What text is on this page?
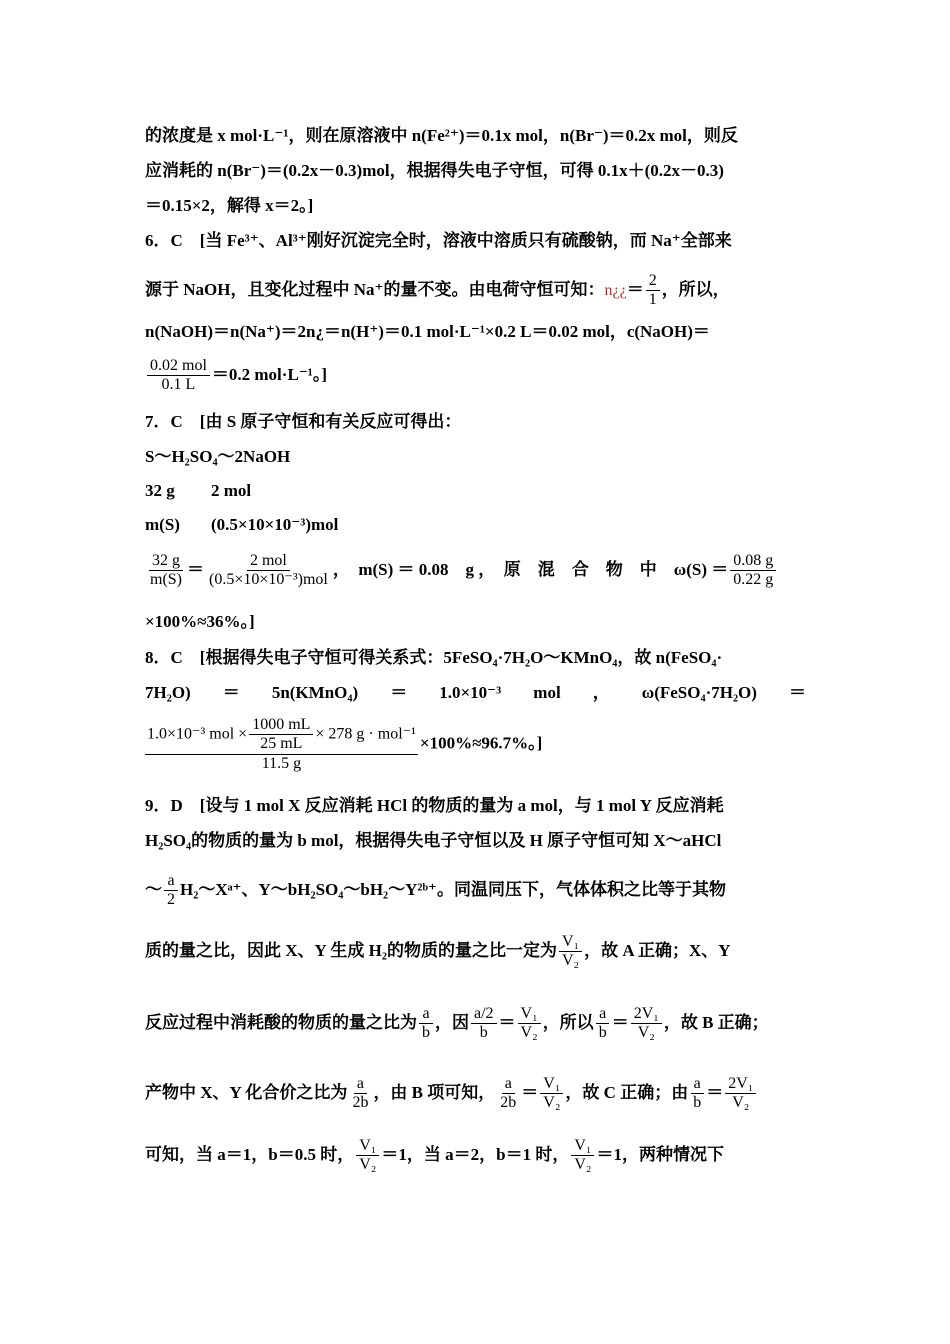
的浓度是 x mol·L⁻¹，则在原溶液中 n(Fe²⁺)＝0.1x mol，n(Br⁻)＝0.2x mol，则反
应消耗的 n(Br⁻)＝(0.2x－0.3)mol，根据得失电子守恒，可得 0.1x＋(0.2x－0.3)
＝0.15×2，解得 x＝2。]
6．C　[当 Fe³⁺、Al³⁺刚好沉淀完全时，溶液中溶质只有硫酸钠，而 Na⁺全部来
源于 NaOH，且变化过程中 Na⁺的量不变。由电荷守恒可知：n¿¿＝ $\frac{2}{1}$ ，所以，
n(NaOH)＝n(Na⁺)＝2n¿＝n(H⁺)＝0.1 mol·L⁻¹×0.2 L＝0.02 mol，c(NaOH)＝
$\frac{\text{0.02 mol}}{0.1 L} =0.2$ mol·L⁻¹。]
7．C　[由 S 原子守恒和有关反应可得出：
S～H₂SO₄～2NaOH
32 g 2 mol
m(S) (0.5×10×10⁻³)mol
$\frac{32 g}{m(S)} = \frac{\text{2 mol}}{\text{(0.5×10×10⁻³)mol}}$ ，　m(S) ＝ 0.08　g ，　原　混　合　物　中　$\omega(S) = \frac{0.08 g}{0.22 g}$
×100%≈36%。]
8．C　[根据得失电子守恒可得关系式：5FeSO₄·7H₂O～KMnO₄，故 n(FeSO₄·
7H₂O) ＝ 5n(KMnO₄) ＝ 1.0×10⁻³ mol ， ω(FeSO₄·7H₂O) ＝
$\frac{1.0\times 10^{-3} mol \times \frac{1000 mL}{25 mL} \times 278 g \cdot mol^{-1}}{11.5 g} \times 100\%\approx 96.7\%$。]
9．D　[设与 1 mol X 反应消耗 HCl 的物质的量为 a mol，与 1 mol Y 反应消耗
H₂SO₄的物质的量为 b mol，根据得失电子守恒以及 H 原子守恒可知 X～aHCl
～ $\frac{a}{2}$ H₂～Xᵃ⁺、Y～bH₂SO₄～bH₂～Y²ᵇ⁺。同温同压下，气体体积之比等于其物
质的量之比，因此 X、Y 生成 H₂的物质的量之比一定为 $\frac{\text{V₁}}{\text{V₂}}$ ，故 A 正确；X、Y
反应过程中消耗酸的物质的量之比为 $\frac{a}{b}$ ，因 $\frac{a/2}{b} = \frac{\text{V₁}}{\text{V₂}}$ ，所以 $\frac{a}{b} = \frac{\text{2V₁}}{\text{V₂}}$ ，故 B 正确；
产物中 X、Y 化合价之比为 $\frac{a}{2b}$ ，由 B 项可知， $\frac{a}{2b} = \frac{\text{V₁}}{\text{V₂}}$ ，故 C 正确；由 $\frac{a}{b} = \frac{\text{2V₁}}{\text{V₂}}$
可知，当 a＝1，b＝0.5 时， $\frac{\text{V₁}}{\text{V₂}} =1$，当 a＝2，b＝1 时， $\frac{\text{V₁}}{\text{V₂}} =1$，两种情况下
